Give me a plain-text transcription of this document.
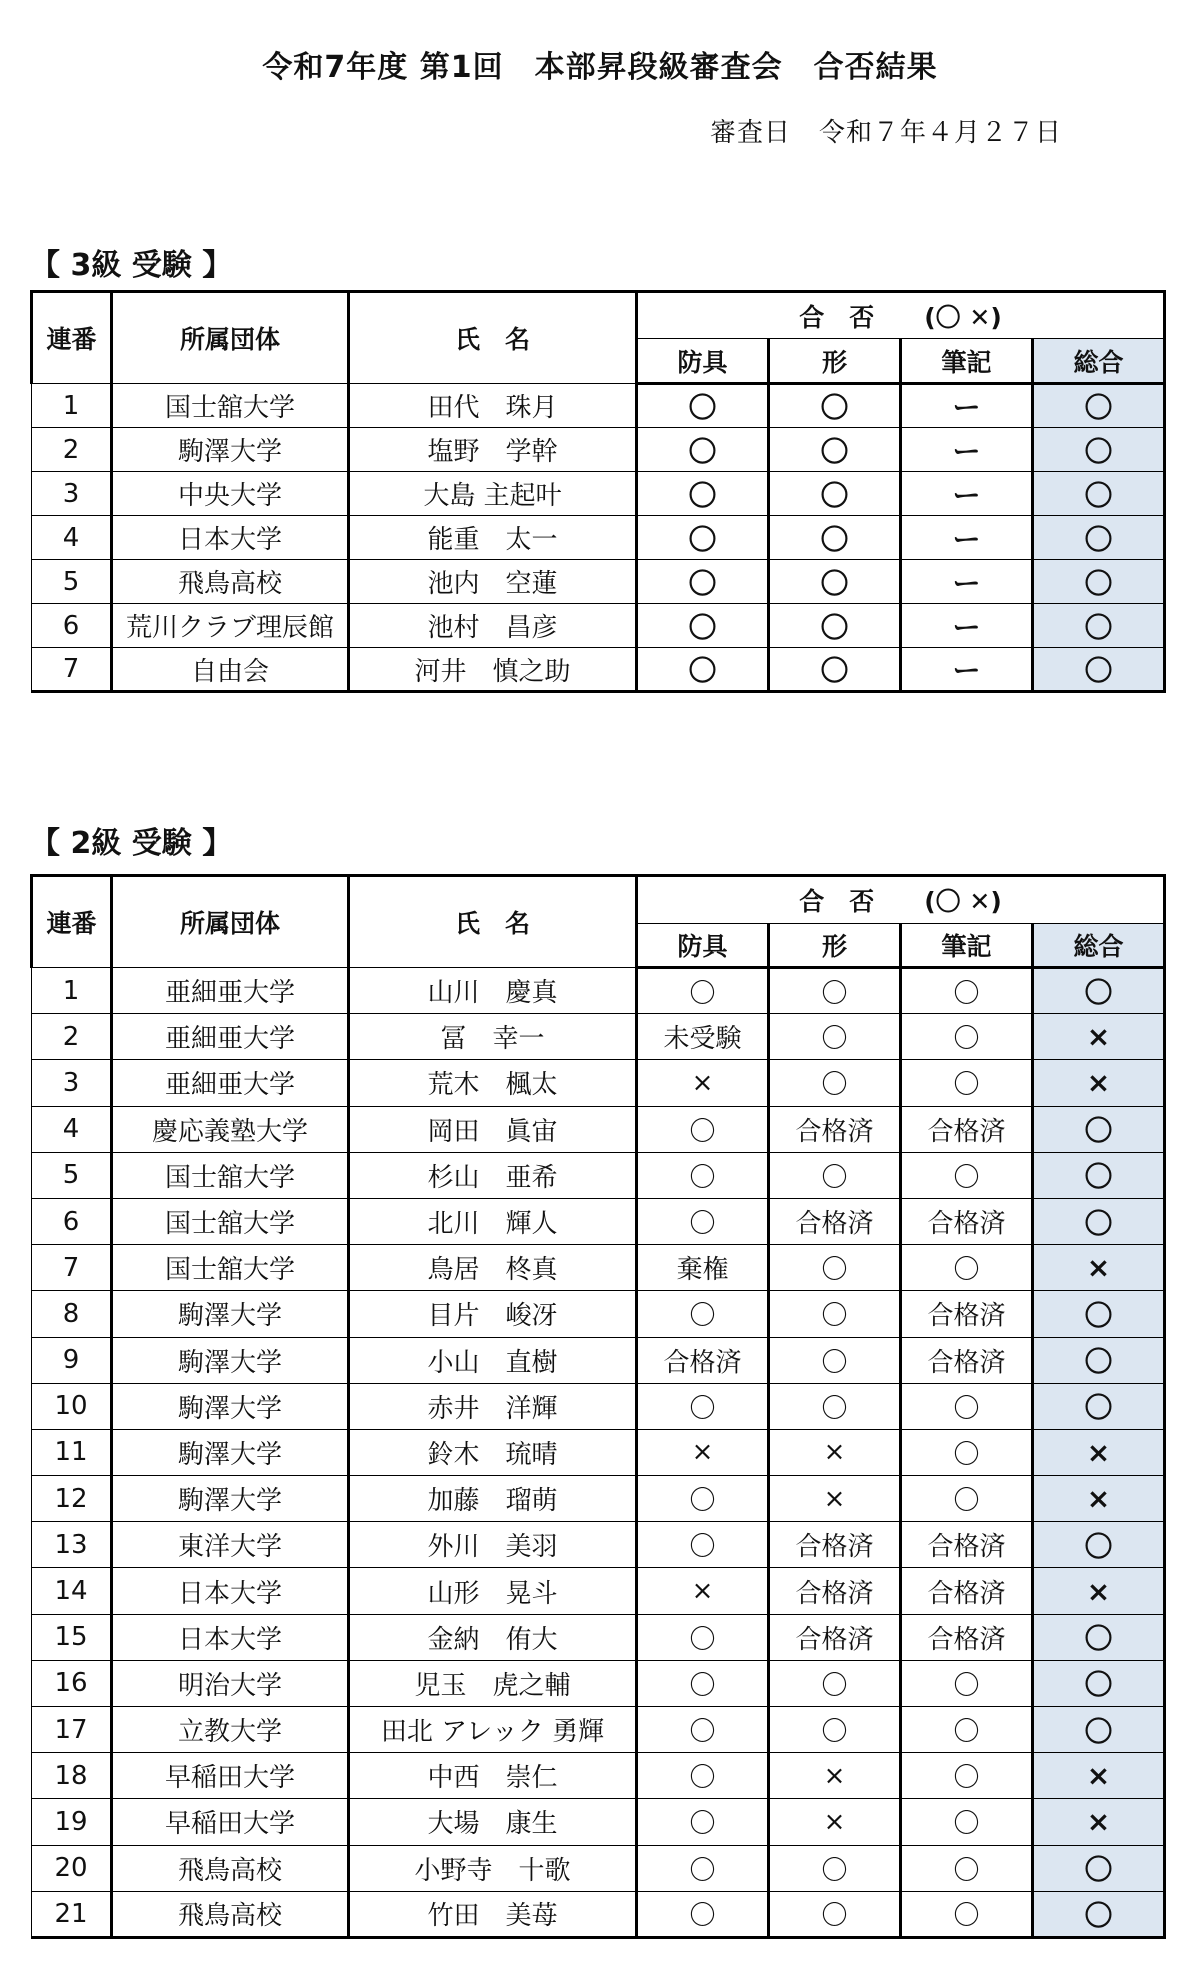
令和7年度 第1回　本部昇段級審査会　合否結果
審査日 令和７年４月２７日
【 3級 受験 】
連番	所属団体	氏　名	合　否　　(〇 ✕)			
			防具	形	筆記	総合
1	国士舘大学	田代　珠月	〇	〇	ー	〇
2	駒澤大学	塩野　学幹	〇	〇	ー	〇
3	中央大学	大島 主起叶	〇	〇	ー	〇
4	日本大学	能重　太一	〇	〇	ー	〇
5	飛鳥高校	池内　空蓮	〇	〇	ー	〇
6	荒川クラブ理辰館	池村　昌彦	〇	〇	ー	〇
7	自由会	河井　慎之助	〇	〇	ー	〇
【 2級 受験 】
連番	所属団体	氏　名	合　否　　(〇 ✕)			
			防具	形	筆記	総合
1	亜細亜大学	山川　慶真	〇	〇	〇	〇
2	亜細亜大学	冨　幸一	未受験	〇	〇	×
3	亜細亜大学	荒木　楓太	×	〇	〇	×
4	慶応義塾大学	岡田　眞宙	〇	合格済	合格済	〇
5	国士舘大学	杉山　亜希	〇	〇	〇	〇
6	国士舘大学	北川　輝人	〇	合格済	合格済	〇
7	国士舘大学	鳥居　柊真	棄権	〇	〇	×
8	駒澤大学	目片　峻冴	〇	〇	合格済	〇
9	駒澤大学	小山　直樹	合格済	〇	合格済	〇
10	駒澤大学	赤井　洋輝	〇	〇	〇	〇
11	駒澤大学	鈴木　琉晴	×	×	〇	×
12	駒澤大学	加藤　瑠萌	〇	×	〇	×
13	東洋大学	外川　美羽	〇	合格済	合格済	〇
14	日本大学	山形　晃斗	×	合格済	合格済	×
15	日本大学	金納　侑大	〇	合格済	合格済	〇
16	明治大学	児玉　虎之輔	〇	〇	〇	〇
17	立教大学	田北 アレック 勇輝	〇	〇	〇	〇
18	早稲田大学	中西　崇仁	〇	×	〇	×
19	早稲田大学	大場　康生	〇	×	〇	×
20	飛鳥高校	小野寺　十歌	〇	〇	〇	〇
21	飛鳥高校	竹田　美苺	〇	〇	〇	〇
